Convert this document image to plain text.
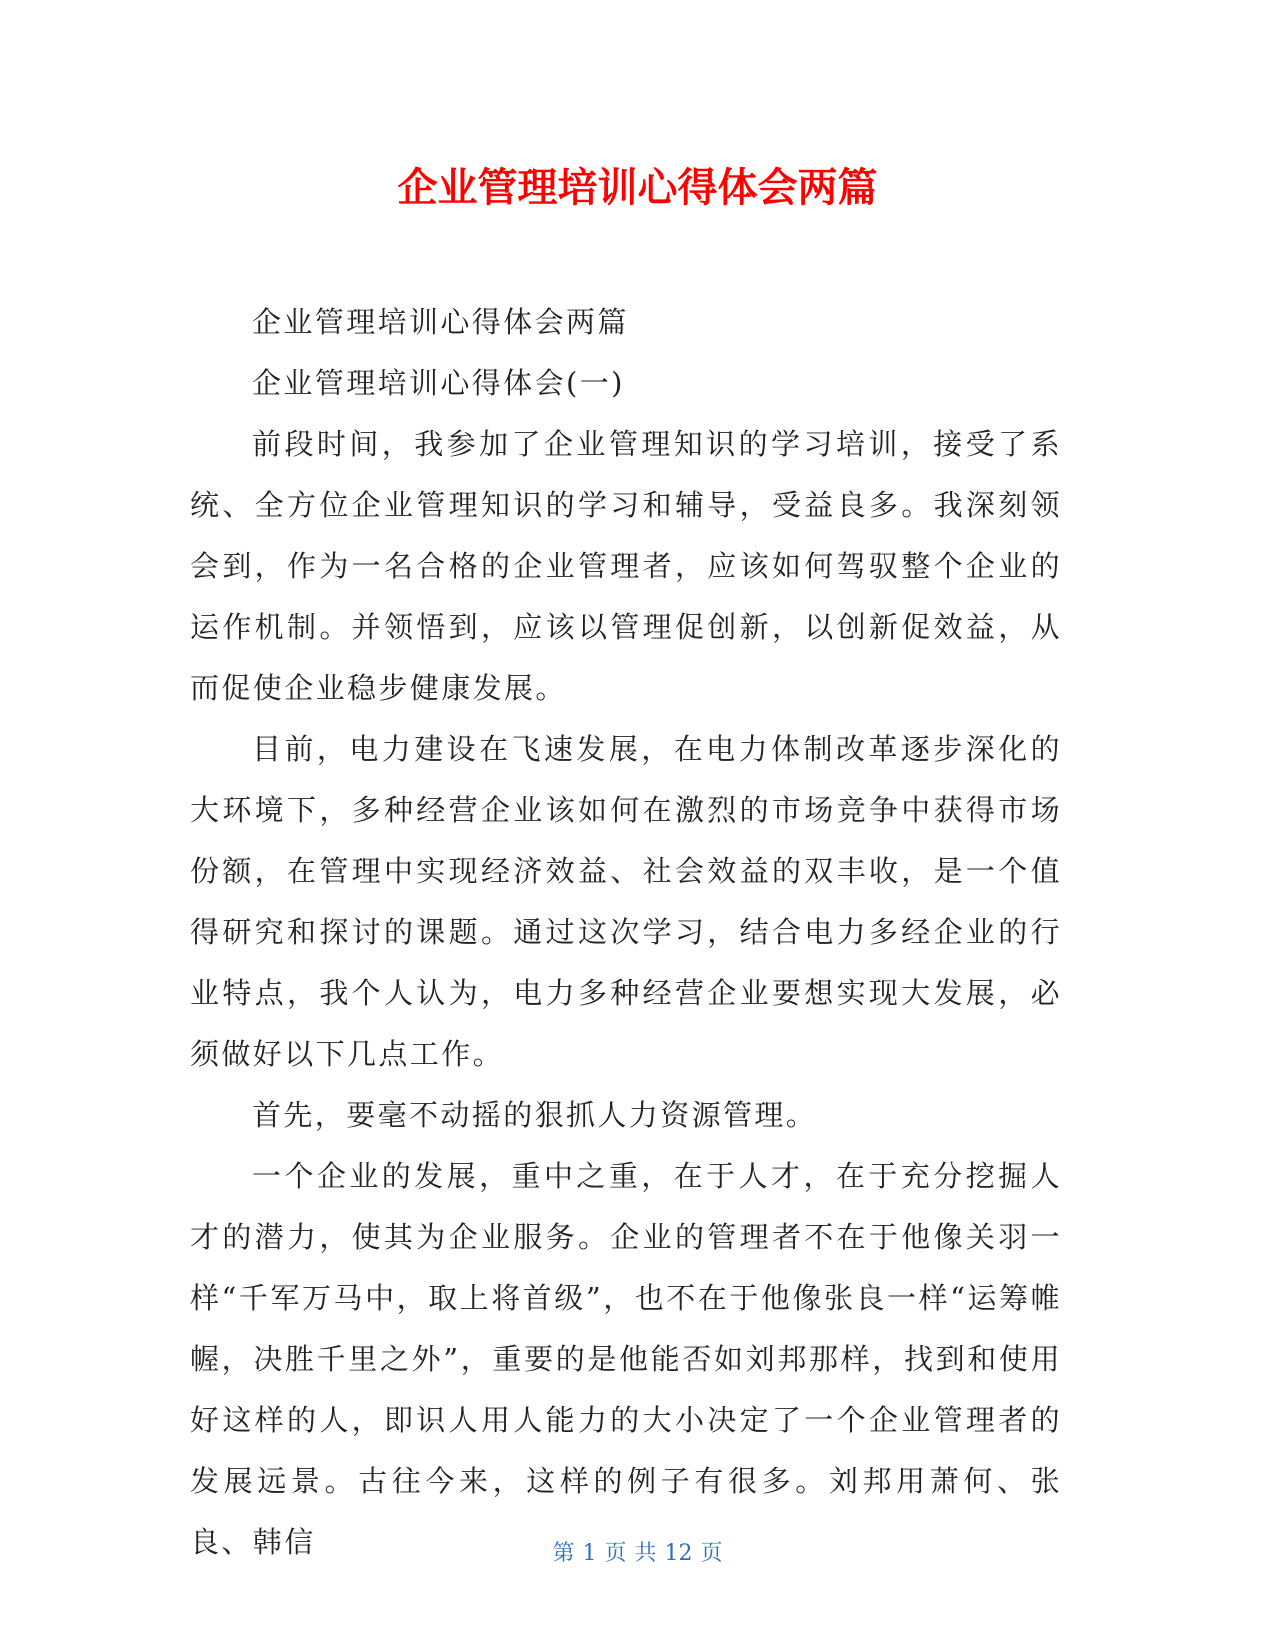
企业管理培训心得体会两篇

企业管理培训心得体会两篇

企业管理培训心得体会(一)

前段时间，我参加了企业管理知识的学习培训，接受了系统、全方位企业管理知识的学习和辅导，受益良多。我深刻领会到，作为一名合格的企业管理者，应该如何驾驭整个企业的运作机制。并领悟到，应该以管理促创新，以创新促效益，从而促使企业稳步健康发展。

目前，电力建设在飞速发展，在电力体制改革逐步深化的大环境下，多种经营企业该如何在激烈的市场竞争中获得市场份额，在管理中实现经济效益、社会效益的双丰收，是一个值得研究和探讨的课题。通过这次学习，结合电力多经企业的行业特点，我个人认为，电力多种经营企业要想实现大发展，必须做好以下几点工作。

首先，要毫不动摇的狠抓人力资源管理。

一个企业的发展，重中之重，在于人才，在于充分挖掘人才的潜力，使其为企业服务。企业的管理者不在于他像关羽一样“千军万马中，取上将首级”，也不在于他像张良一样“运筹帷幄，决胜千里之外”，重要的是他能否如刘邦那样，找到和使用好这样的人，即识人用人能力的大小决定了一个企业管理者的发展远景。古往今来，这样的例子有很多。刘邦用萧何、张良、韩信	第 1 页 共 12 页
